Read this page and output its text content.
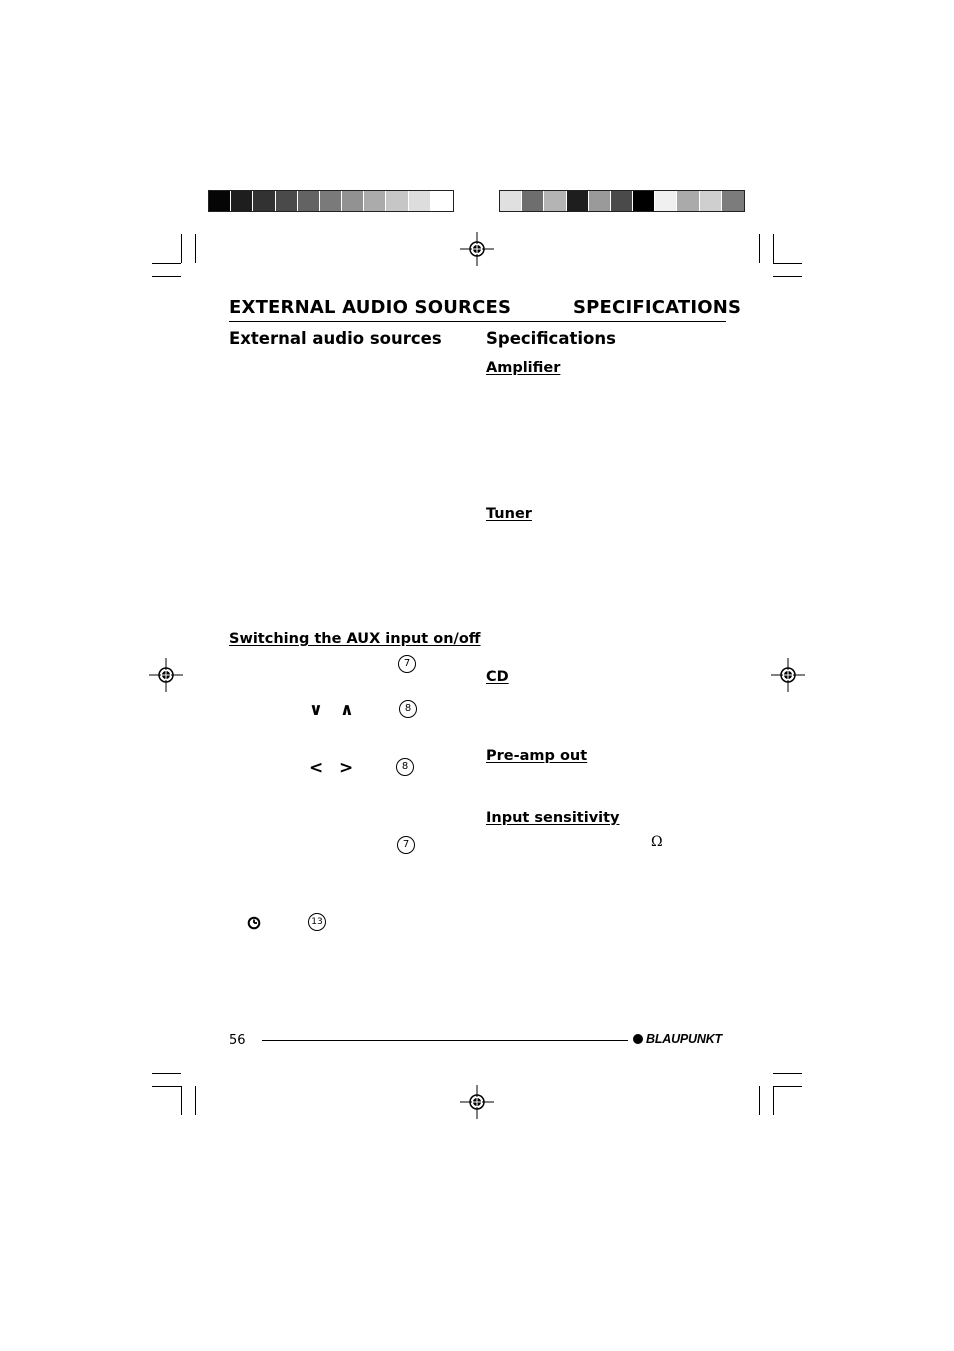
EXTERNAL AUDIO SOURCES	SPECIFICATIONS
External audio sources	Specifications
Amplifier
Tuner
CD
Pre-amp out
Input sensitivity
Ω
Switching the AUX input on/off
7
∨ ∧	8
< >	8
7
13
56	BLAUPUNKT
